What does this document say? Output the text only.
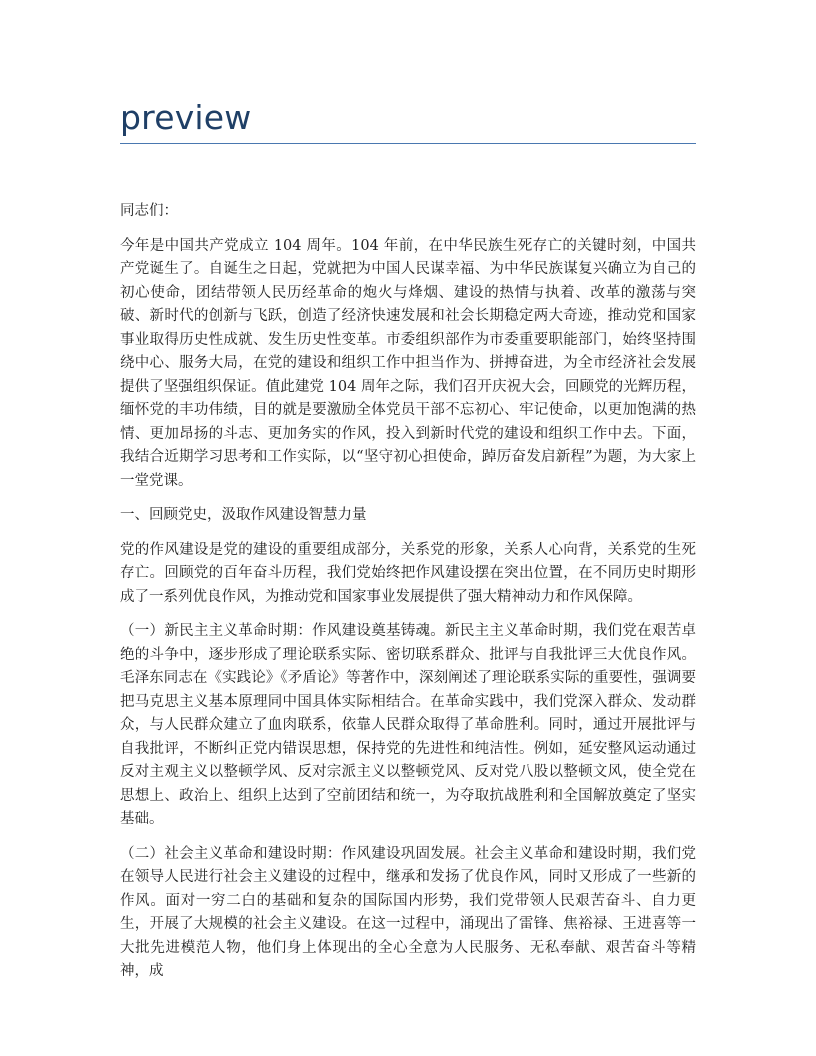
preview

同志们：

今年是中国共产党成立 104 周年。104 年前，在中华民族生死存亡的关键时刻，中国共产党诞生了。自诞生之日起，党就把为中国人民谋幸福、为中华民族谋复兴确立为自己的初心使命，团结带领人民历经革命的炮火与烽烟、建设的热情与执着、改革的激荡与突破、新时代的创新与飞跃，创造了经济快速发展和社会长期稳定两大奇迹，推动党和国家事业取得历史性成就、发生历史性变革。市委组织部作为市委重要职能部门，始终坚持围绕中心、服务大局，在党的建设和组织工作中担当作为、拼搏奋进，为全市经济社会发展提供了坚强组织保证。值此建党 104 周年之际，我们召开庆祝大会，回顾党的光辉历程，缅怀党的丰功伟绩，目的就是要激励全体党员干部不忘初心、牢记使命，以更加饱满的热情、更加昂扬的斗志、更加务实的作风，投入到新时代党的建设和组织工作中去。下面，我结合近期学习思考和工作实际，以“坚守初心担使命，踔厉奋发启新程”为题，为大家上一堂党课。

一、回顾党史，汲取作风建设智慧力量

党的作风建设是党的建设的重要组成部分，关系党的形象，关系人心向背，关系党的生死存亡。回顾党的百年奋斗历程，我们党始终把作风建设摆在突出位置，在不同历史时期形成了一系列优良作风，为推动党和国家事业发展提供了强大精神动力和作风保障。

（一）新民主主义革命时期：作风建设奠基铸魂。新民主主义革命时期，我们党在艰苦卓绝的斗争中，逐步形成了理论联系实际、密切联系群众、批评与自我批评三大优良作风。毛泽东同志在《实践论》《矛盾论》等著作中，深刻阐述了理论联系实际的重要性，强调要把马克思主义基本原理同中国具体实际相结合。在革命实践中，我们党深入群众、发动群众，与人民群众建立了血肉联系，依靠人民群众取得了革命胜利。同时，通过开展批评与自我批评，不断纠正党内错误思想，保持党的先进性和纯洁性。例如，延安整风运动通过反对主观主义以整顿学风、反对宗派主义以整顿党风、反对党八股以整顿文风，使全党在思想上、政治上、组织上达到了空前团结和统一，为夺取抗战胜利和全国解放奠定了坚实基础。

（二）社会主义革命和建设时期：作风建设巩固发展。社会主义革命和建设时期，我们党在领导人民进行社会主义建设的过程中，继承和发扬了优良作风，同时又形成了一些新的作风。面对一穷二白的基础和复杂的国际国内形势，我们党带领人民艰苦奋斗、自力更生，开展了大规模的社会主义建设。在这一过程中，涌现出了雷锋、焦裕禄、王进喜等一大批先进模范人物，他们身上体现出的全心全意为人民服务、无私奉献、艰苦奋斗等精神，成
